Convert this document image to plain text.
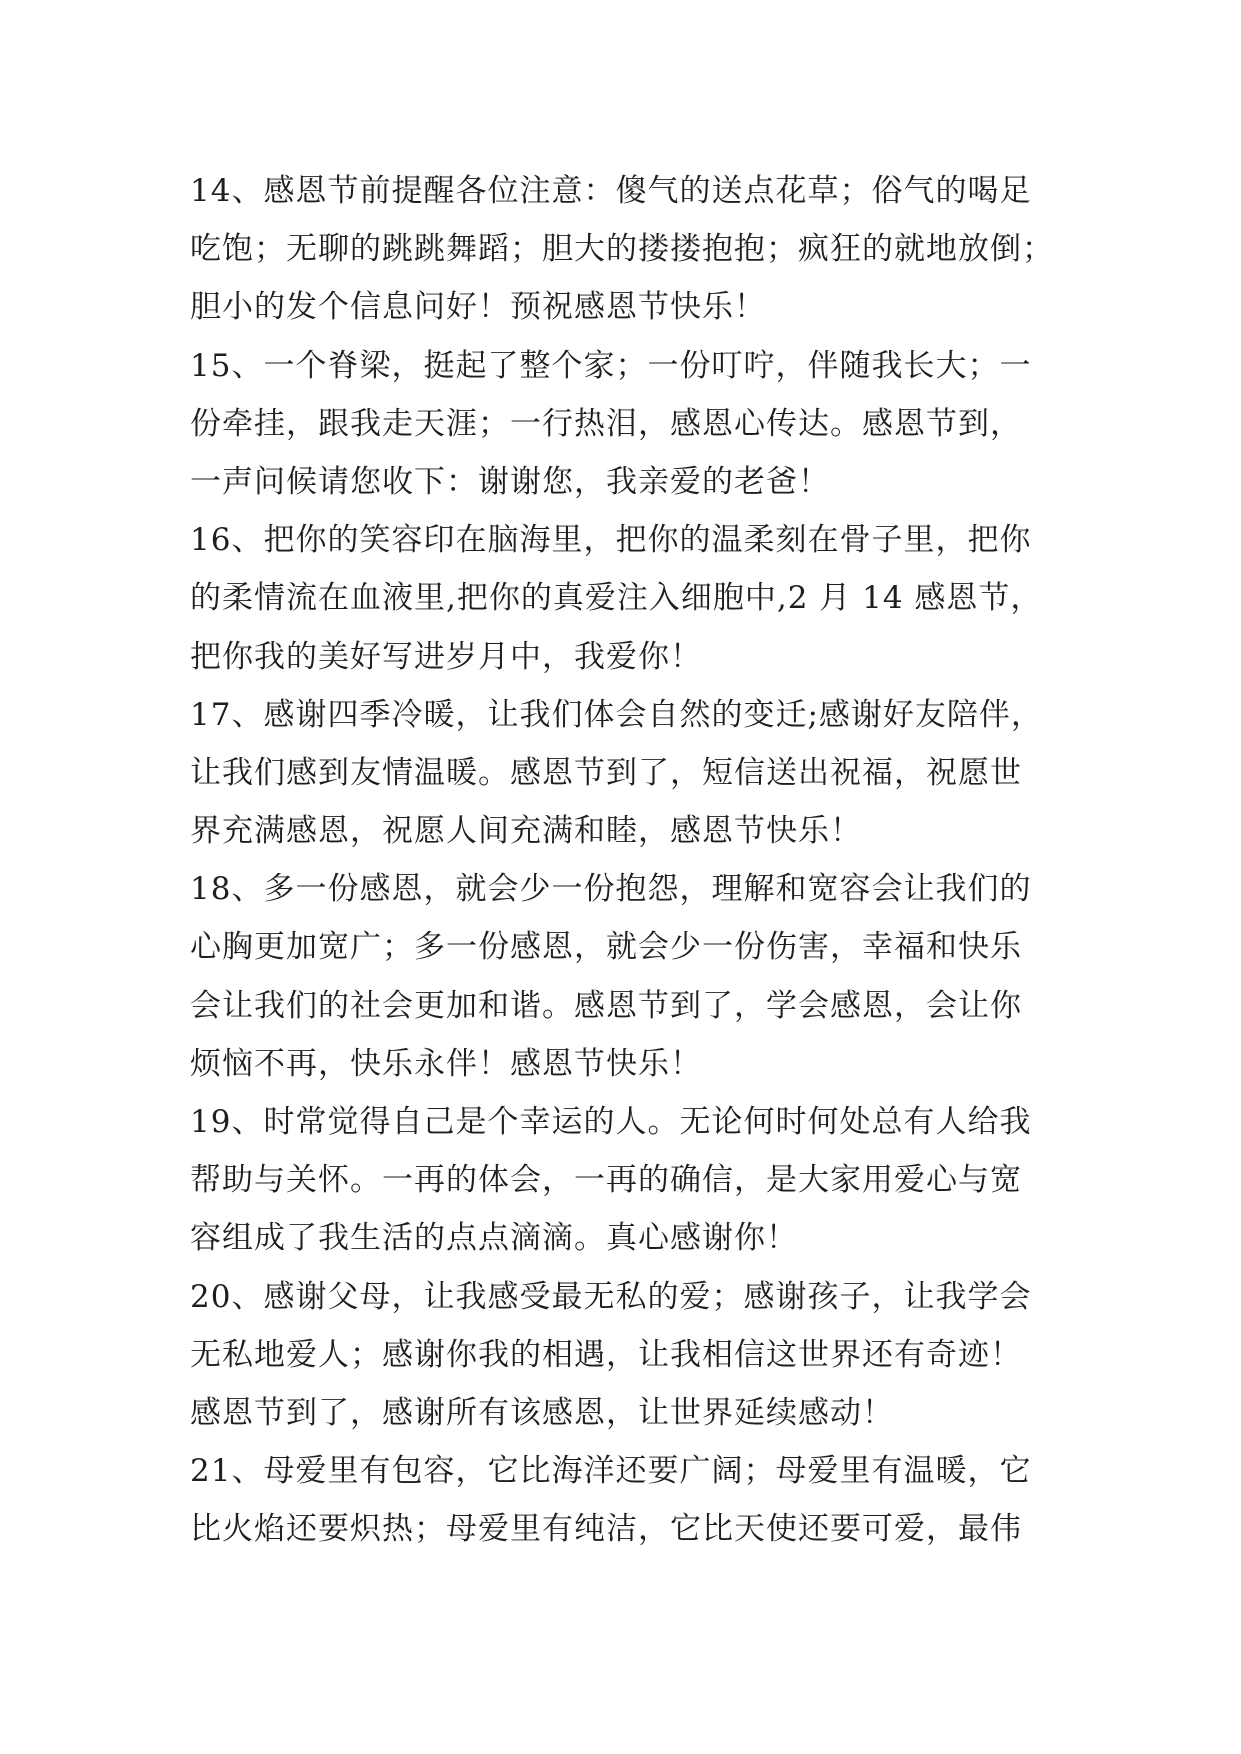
14、感恩节前提醒各位注意：傻气的送点花草；俗气的喝足
吃饱；无聊的跳跳舞蹈；胆大的搂搂抱抱；疯狂的就地放倒；
胆小的发个信息问好！预祝感恩节快乐！
15、一个脊梁，挺起了整个家；一份叮咛，伴随我长大；一
份牵挂，跟我走天涯；一行热泪，感恩心传达。感恩节到，
一声问候请您收下：谢谢您，我亲爱的老爸！
16、把你的笑容印在脑海里，把你的温柔刻在骨子里，把你
的柔情流在血液里,把你的真爱注入细胞中,2 月 14 感恩节，
把你我的美好写进岁月中，我爱你！
17、感谢四季冷暖，让我们体会自然的变迁;感谢好友陪伴，
让我们感到友情温暖。感恩节到了，短信送出祝福，祝愿世
界充满感恩，祝愿人间充满和睦，感恩节快乐！
18、多一份感恩，就会少一份抱怨，理解和宽容会让我们的
心胸更加宽广；多一份感恩，就会少一份伤害，幸福和快乐
会让我们的社会更加和谐。感恩节到了，学会感恩，会让你
烦恼不再，快乐永伴！感恩节快乐！
19、时常觉得自己是个幸运的人。无论何时何处总有人给我
帮助与关怀。一再的体会，一再的确信，是大家用爱心与宽
容组成了我生活的点点滴滴。真心感谢你！
20、感谢父母，让我感受最无私的爱；感谢孩子，让我学会
无私地爱人；感谢你我的相遇，让我相信这世界还有奇迹！
感恩节到了，感谢所有该感恩，让世界延续感动！
21、母爱里有包容，它比海洋还要广阔；母爱里有温暖，它
比火焰还要炽热；母爱里有纯洁，它比天使还要可爱，最伟
